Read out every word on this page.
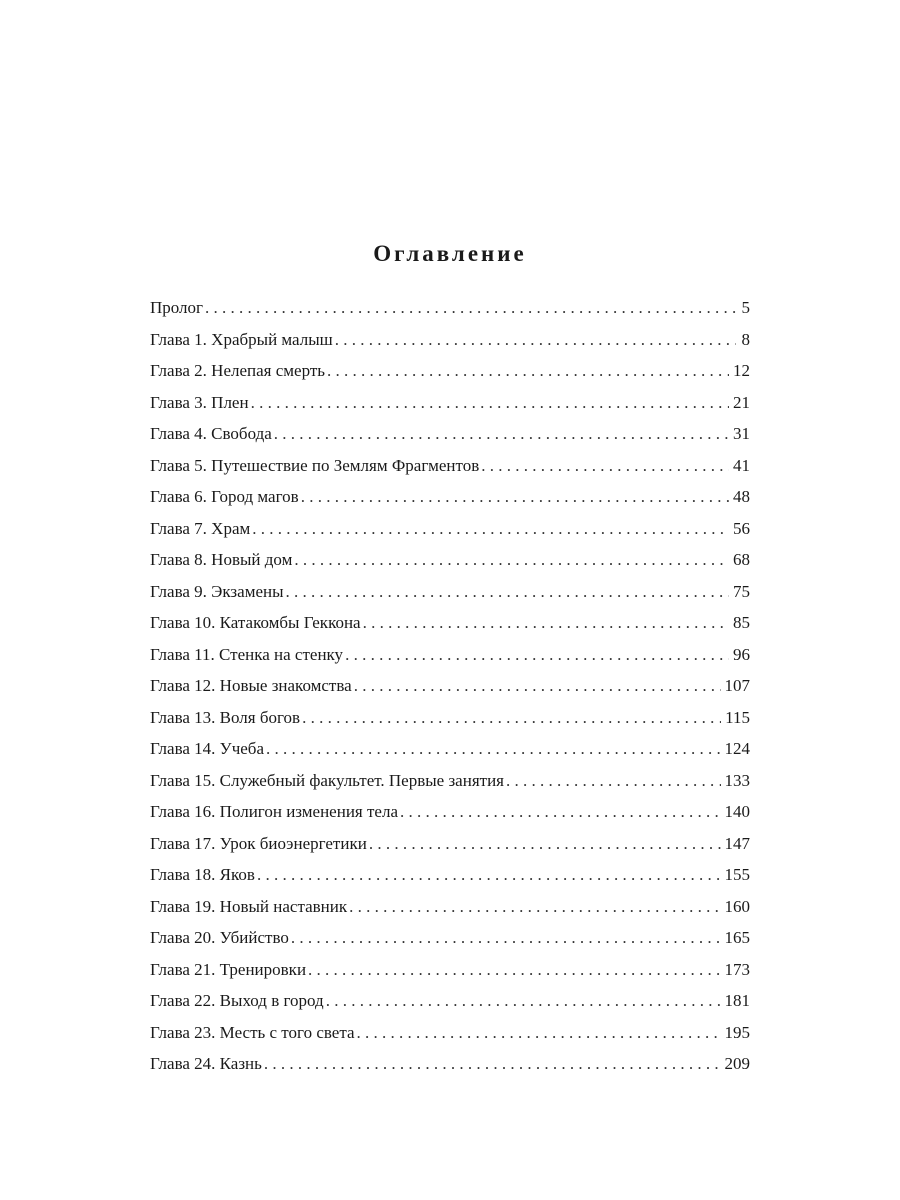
Оглавление
Пролог . . .	5
Глава 1. Храбрый малыш . . .	8
Глава 2. Нелепая смерть . . .	12
Глава 3. Плен . . .	21
Глава 4. Свобода . . .	31
Глава 5. Путешествие по Землям Фрагментов . . .	41
Глава 6. Город магов . . .	48
Глава 7. Храм . . .	56
Глава 8. Новый дом . . .	68
Глава 9. Экзамены . . .	75
Глава 10. Катакомбы Геккона . . .	85
Глава 11. Стенка на стенку . . .	96
Глава 12. Новые знакомства . . .	107
Глава 13. Воля богов . . .	115
Глава 14. Учеба . . .	124
Глава 15. Служебный факультет. Первые занятия . . .	133
Глава 16. Полигон изменения тела . . .	140
Глава 17. Урок биоэнергетики . . .	147
Глава 18. Яков . . .	155
Глава 19. Новый наставник . . .	160
Глава 20. Убийство . . .	165
Глава 21. Тренировки . . .	173
Глава 22. Выход в город . . .	181
Глава 23. Месть с того света . . .	195
Глава 24. Казнь . . .	209
